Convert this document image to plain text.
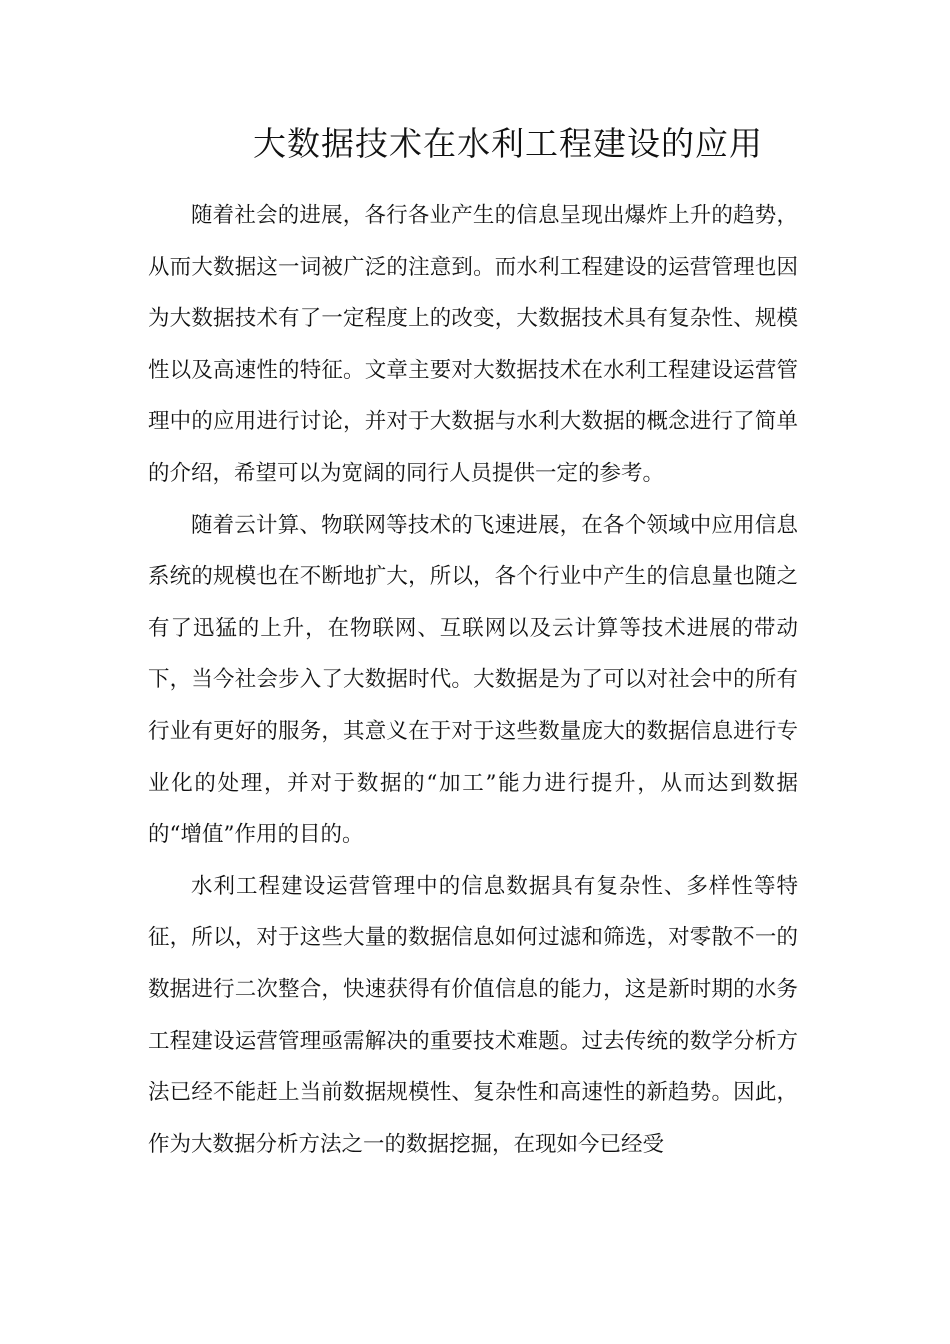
大数据技术在水利工程建设的应用

随着社会的进展，各行各业产生的信息呈现出爆炸上升的趋势，从而大数据这一词被广泛的注意到。而水利工程建设的运营管理也因为大数据技术有了一定程度上的改变，大数据技术具有复杂性、规模性以及高速性的特征。文章主要对大数据技术在水利工程建设运营管理中的应用进行讨论，并对于大数据与水利大数据的概念进行了简单的介绍，希望可以为宽阔的同行人员提供一定的参考。

随着云计算、物联网等技术的飞速进展，在各个领域中应用信息系统的规模也在不断地扩大，所以，各个行业中产生的信息量也随之有了迅猛的上升，在物联网、互联网以及云计算等技术进展的带动下，当今社会步入了大数据时代。大数据是为了可以对社会中的所有行业有更好的服务，其意义在于对于这些数量庞大的数据信息进行专业化的处理，并对于数据的“加工”能力进行提升，从而达到数据的“增值”作用的目的。

水利工程建设运营管理中的信息数据具有复杂性、多样性等特征，所以，对于这些大量的数据信息如何过滤和筛选，对零散不一的数据进行二次整合，快速获得有价值信息的能力，这是新时期的水务工程建设运营管理亟需解决的重要技术难题。过去传统的数学分析方法已经不能赶上当前数据规模性、复杂性和高速性的新趋势。因此，作为大数据分析方法之一的数据挖掘，在现如今已经受
